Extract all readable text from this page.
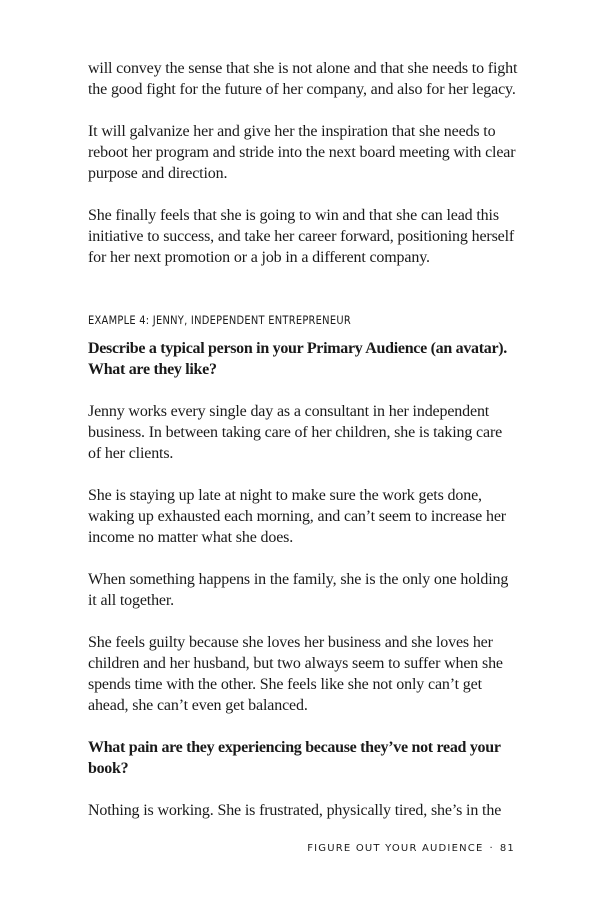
will convey the sense that she is not alone and that she needs to fight the good fight for the future of her company, and also for her legacy.

It will galvanize her and give her the inspiration that she needs to reboot her program and stride into the next board meeting with clear purpose and direction.

She finally feels that she is going to win and that she can lead this initiative to success, and take her career forward, positioning herself for her next promotion or a job in a different company.

EXAMPLE 4: JENNY, INDEPENDENT ENTREPRENEUR

Describe a typical person in your Primary Audience (an avatar). What are they like?

Jenny works every single day as a consultant in her independent business. In between taking care of her children, she is taking care of her clients.

She is staying up late at night to make sure the work gets done, waking up exhausted each morning, and can’t seem to increase her income no matter what she does.

When something happens in the family, she is the only one holding it all together.

She feels guilty because she loves her business and she loves her children and her husband, but two always seem to suffer when she spends time with the other. She feels like she not only can’t get ahead, she can’t even get balanced.

What pain are they experiencing because they’ve not read your book?

Nothing is working. She is frustrated, physically tired, she’s in the

FIGURE OUT YOUR AUDIENCE · 81
